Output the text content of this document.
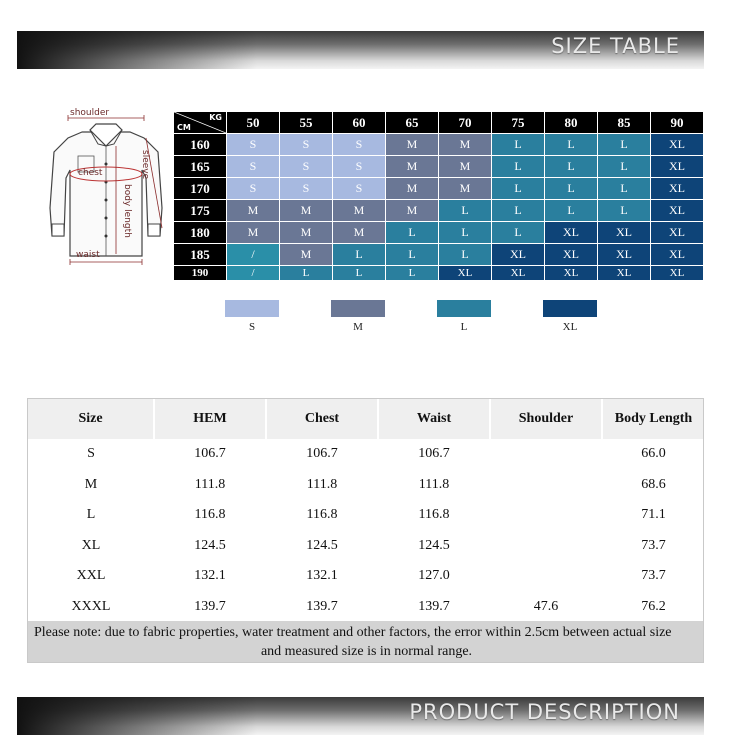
SIZE TABLE
shoulder
chest	sleeve
body length
waist
KG
CM	50	55	60	65	70	75	80	85	90
160	S	S	S	M	M	L	L	L	XL
165	S	S	S	M	M	L	L	L	XL
170	S	S	S	M	M	L	L	L	XL
175	M	M	M	M	L	L	L	L	XL
180	M	M	M	L	L	L	XL	XL	XL
185	/	M	L	L	L	XL	XL	XL	XL
190	/	L	L	L	XL	XL	XL	XL	XL
S	M	L	XL
Size	HEM	Chest	Waist	Shoulder	Body Length
S	106.7	106.7	106.7		66.0
M	111.8	111.8	111.8		68.6
L	116.8	116.8	116.8		71.1
XL	124.5	124.5	124.5		73.7
XXL	132.1	132.1	127.0		73.7
XXXL	139.7	139.7	139.7	47.6	76.2
Please note: due to fabric properties, water treatment and other factors, the error within 2.5cm between actual size
and measured size is in normal range.
PRODUCT DESCRIPTION
